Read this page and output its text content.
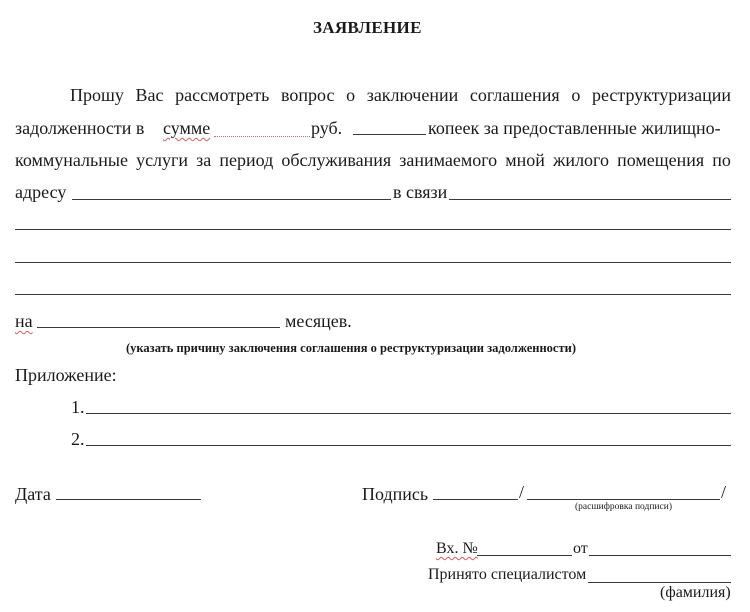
ЗАЯВЛЕНИЕ
Прошу Вас рассмотреть вопрос о заключении соглашения о реструктуризации
задолженности в сумме	руб.	копеек за предоставленные жилищно-
коммунальные услуги за период обслуживания занимаемого мной жилого помещения по
адресу	в связи
на	месяцев.
(указать причину заключения соглашения о реструктуризации задолженности)
Приложение:
1.
2.
Дата	Подпись	/	/
(расшифровка подписи)
Вх. №	от
Принято специалистом
(фамилия)
